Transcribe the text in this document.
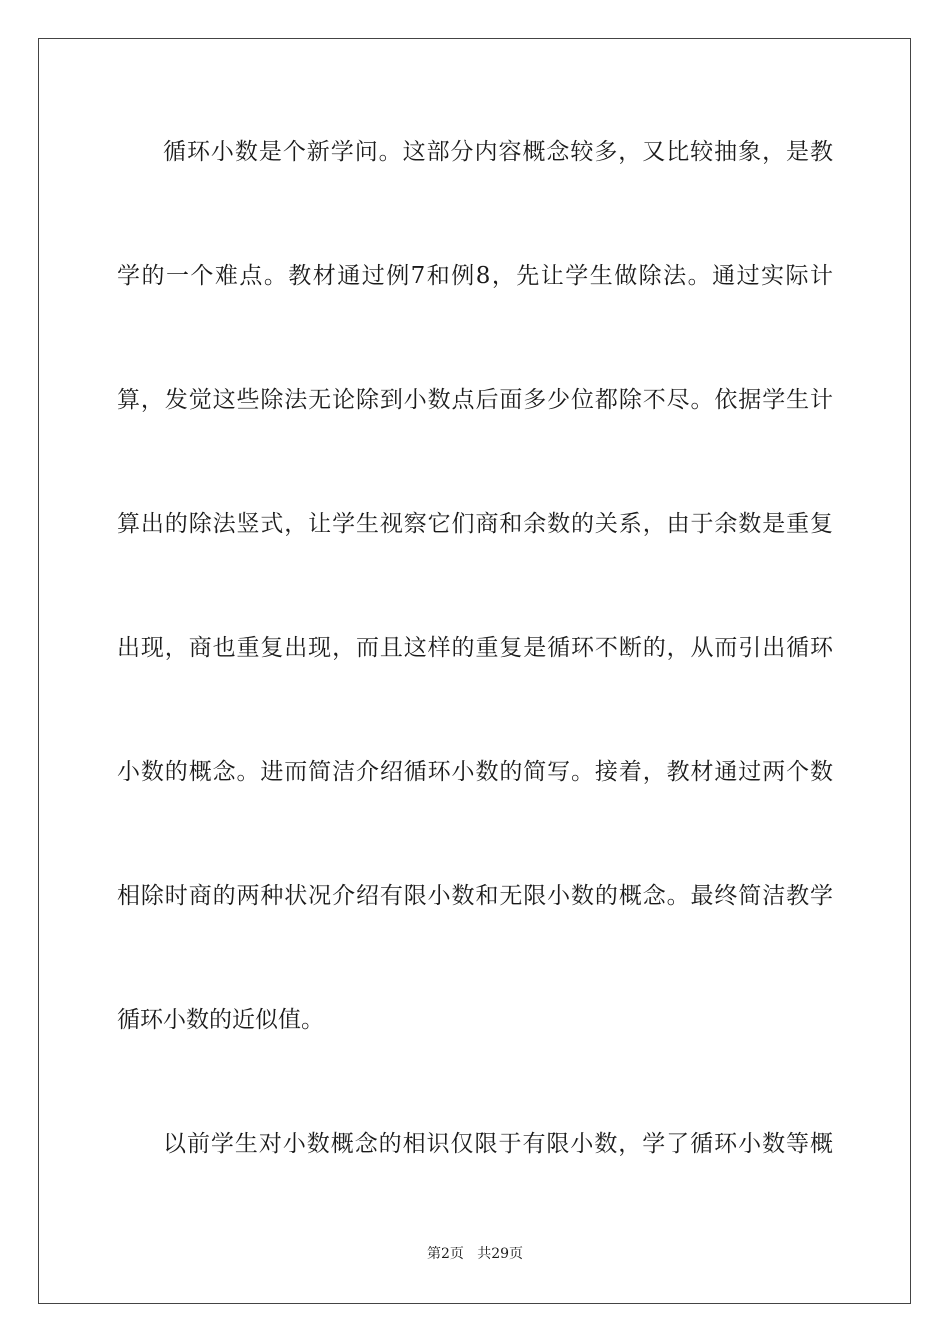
循环小数是个新学问。这部分内容概念较多，又比较抽象，是教
学的一个难点。教材通过例7和例8，先让学生做除法。通过实际计
算，发觉这些除法无论除到小数点后面多少位都除不尽。依据学生计
算出的除法竖式，让学生视察它们商和余数的关系，由于余数是重复
出现，商也重复出现，而且这样的重复是循环不断的，从而引出循环
小数的概念。进而简洁介绍循环小数的简写。接着，教材通过两个数
相除时商的两种状况介绍有限小数和无限小数的概念。最终简洁教学
循环小数的近似值。
以前学生对小数概念的相识仅限于有限小数，学了循环小数等概
第2页   共29页
